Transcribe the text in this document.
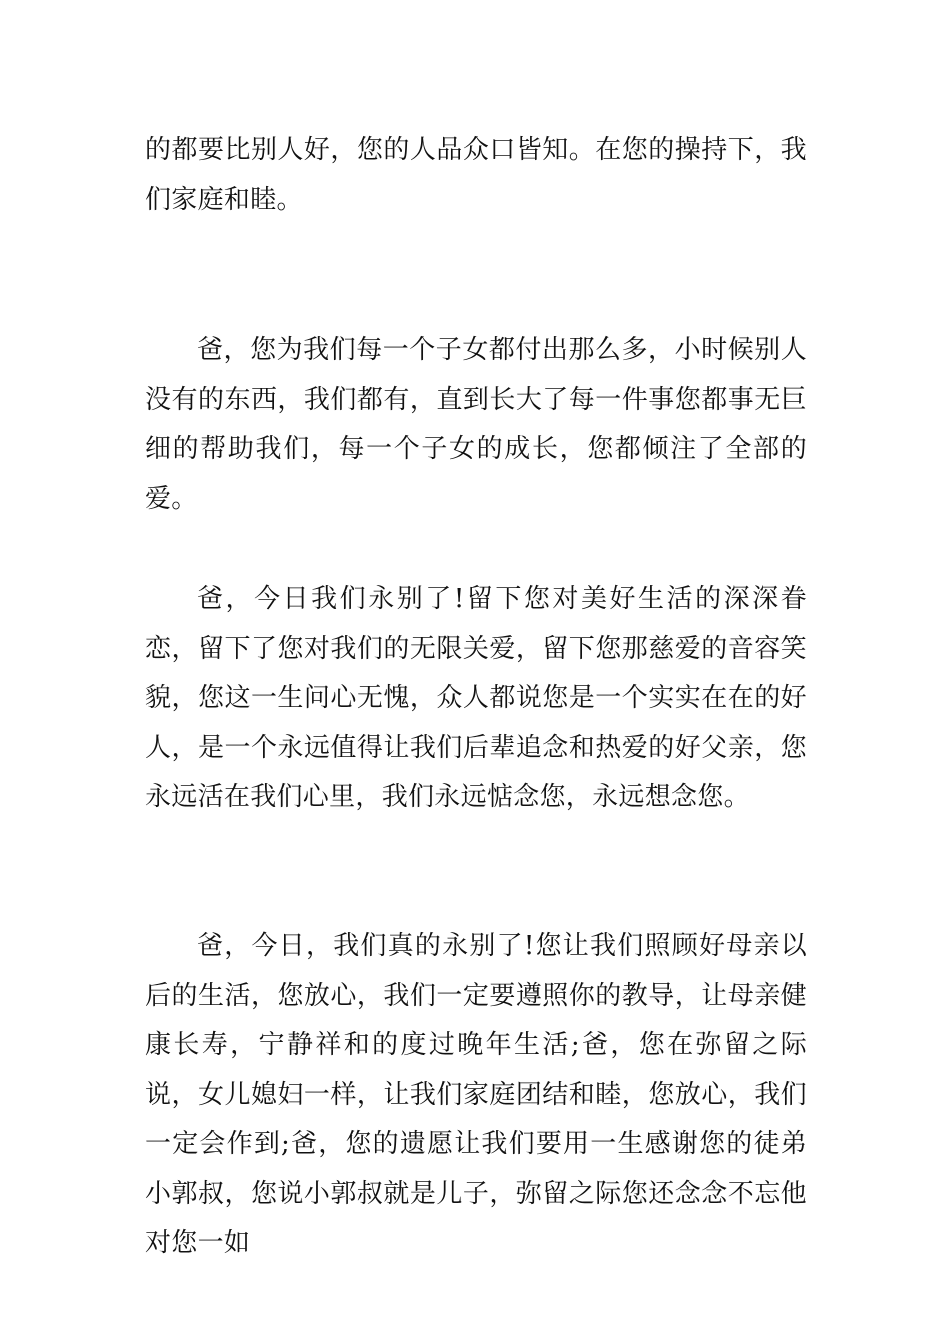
的都要比别人好，您的人品众口皆知。在您的操持下，我们家庭和睦。

爸，您为我们每一个子女都付出那么多，小时候别人没有的东西，我们都有，直到长大了每一件事您都事无巨细的帮助我们，每一个子女的成长，您都倾注了全部的爱。

爸，今日我们永别了!留下您对美好生活的深深眷恋，留下了您对我们的无限关爱，留下您那慈爱的音容笑貌，您这一生问心无愧，众人都说您是一个实实在在的好人，是一个永远值得让我们后辈追念和热爱的好父亲，您永远活在我们心里，我们永远惦念您，永远想念您。

爸，今日，我们真的永别了!您让我们照顾好母亲以后的生活，您放心，我们一定要遵照你的教导，让母亲健康长寿，宁静祥和的度过晚年生活;爸，您在弥留之际说，女儿媳妇一样，让我们家庭团结和睦，您放心，我们一定会作到;爸，您的遗愿让我们要用一生感谢您的徒弟小郭叔，您说小郭叔就是儿子，弥留之际您还念念不忘他对您一如
